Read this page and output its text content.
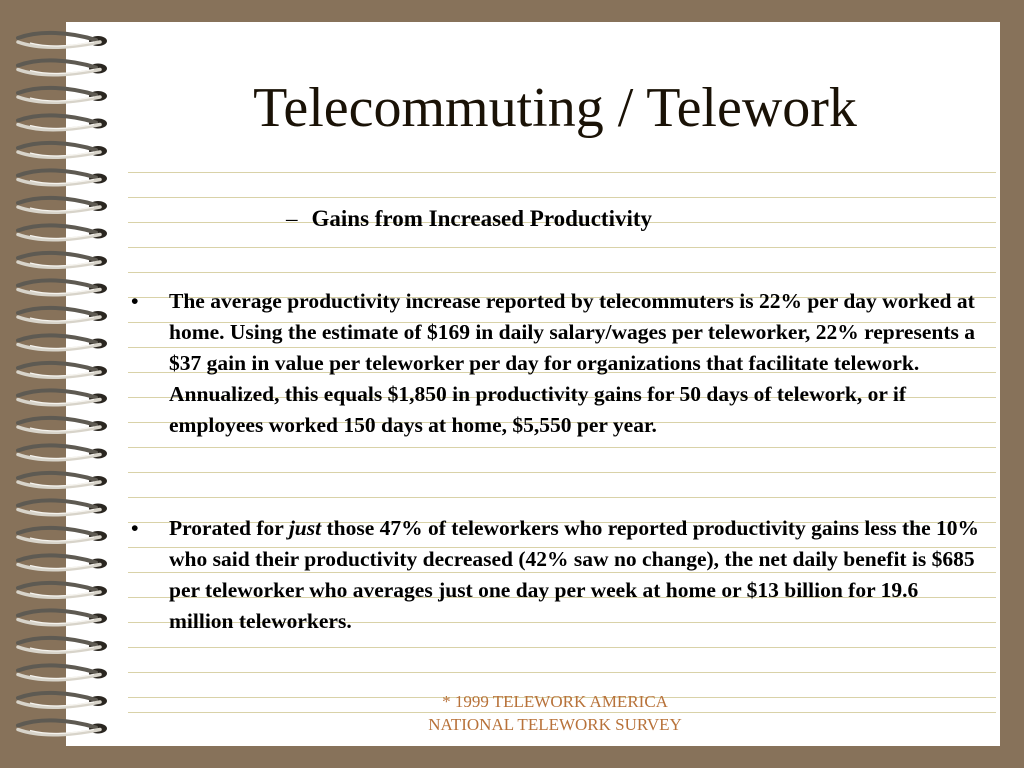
Telecommuting / Telework
– Gains from Increased Productivity
• The average productivity increase reported by telecommuters is 22% per day worked at home. Using the estimate of $169 in daily salary/wages per teleworker, 22% represents a $37 gain in value per teleworker per day for organizations that facilitate telework. Annualized, this equals $1,850 in productivity gains for 50 days of telework, or if employees worked 150 days at home, $5,550 per year.
• Prorated for just those 47% of teleworkers who reported productivity gains less the 10% who said their productivity decreased (42% saw no change), the net daily benefit is $685 per teleworker who averages just one day per week at home or $13 billion for 19.6 million teleworkers.
* 1999 TELEWORK AMERICA
NATIONAL TELEWORK SURVEY
